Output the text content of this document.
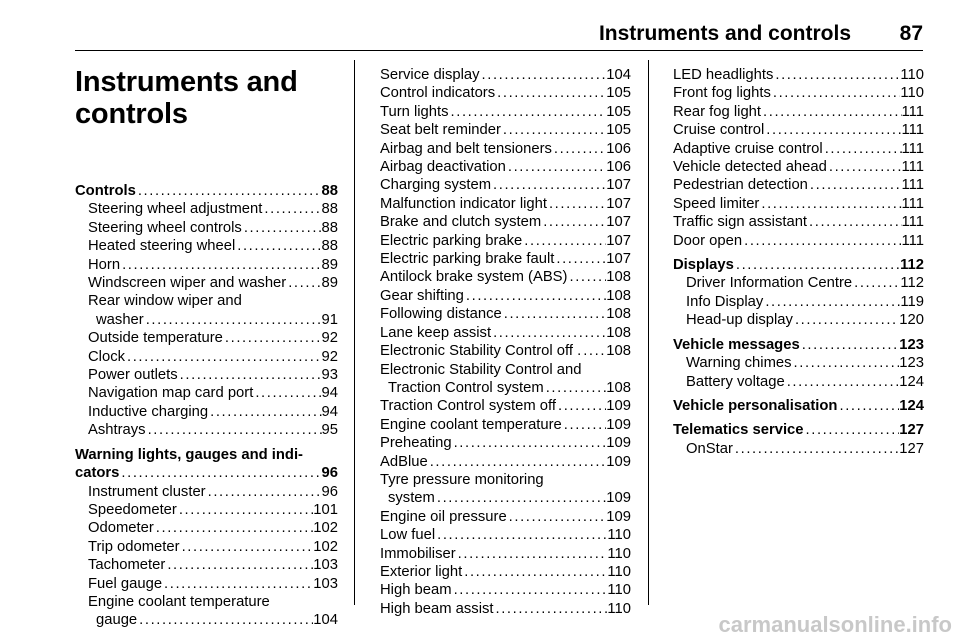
Instruments and controls 87
Instruments and
controls
Controls .....	88
Steering wheel adjustment .....	88
Steering wheel controls .....	88
Heated steering wheel .....	88
Horn .....	89
Windscreen wiper and washer ..... 89
Rear window wiper and
washer .....	91
Outside temperature .....	92
Clock .....	92
Power outlets .....	93
Navigation map card port .....	94
Inductive charging .....	94
Ashtrays .....	95
Warning lights, gauges and indi-
cators .....	96
Instrument cluster .....	96
Speedometer .....	101
Odometer .....	102
Trip odometer .....	102
Tachometer .....	103
Fuel gauge .....	103
Engine coolant temperature
gauge .....	104
Service display .....	104
Control indicators .....	105
Turn lights .....	105
Seat belt reminder .....	105
Airbag and belt tensioners .....	106
Airbag deactivation .....	106
Charging system .....	107
Malfunction indicator light .....	107
Brake and clutch system .....	107
Electric parking brake .....	107
Electric parking brake fault .....	107
Antilock brake system (ABS) .....	108
Gear shifting .....	108
Following distance .....	108
Lane keep assist .....	108
Electronic Stability Control off . ..... 108
Electronic Stability Control and
Traction Control system .....	108
Traction Control system off .....	109
Engine coolant temperature .....	109
Preheating .....	109
AdBlue .....	109
Tyre pressure monitoring
system .....	109
Engine oil pressure .....	109
Low fuel .....	110
Immobiliser .....	110
Exterior light .....	110
High beam .....	110
High beam assist .....	110
LED headlights .....	110
Front fog lights .....	110
Rear fog light .....	111
Cruise control .....	111
Adaptive cruise control .....	111
Vehicle detected ahead .....	111
Pedestrian detection .....	111
Speed limiter .....	111
Traffic sign assistant .....	111
Door open .....	111
Displays .....	112
Driver Information Centre .....	112
Info Display .....	119
Head-up display .....	120
Vehicle messages .....	123
Warning chimes .....	123
Battery voltage .....	124
Vehicle personalisation .....	124
Telematics service .....	127
OnStar .....	127
carmanualsonline.info
